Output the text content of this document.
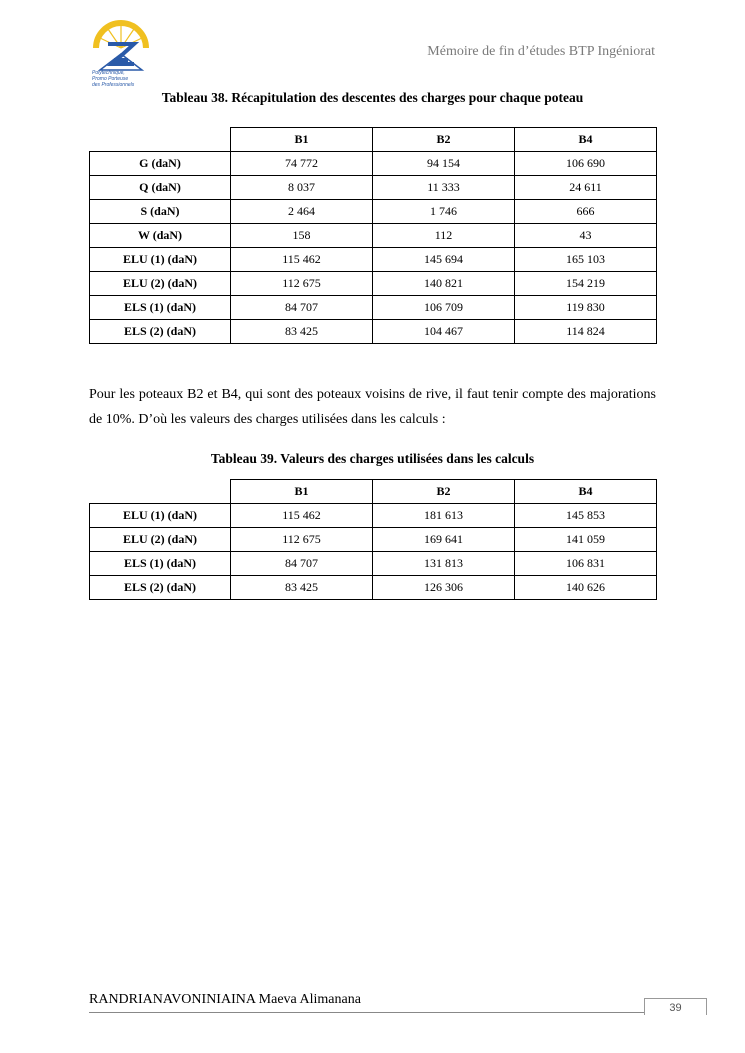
Polytechnique,
Promo Porteuse
des Professionnels
Mémoire de fin d’études BTP Ingéniorat
Tableau 38. Récapitulation des descentes des charges pour chaque poteau
	B1	B2	B4
G (daN)	74 772	94 154	106 690
Q (daN)	8 037	11 333	24 611
S (daN)	2 464	1 746	666
W (daN)	158	112	43
ELU (1) (daN)	115 462	145 694	165 103
ELU (2) (daN)	112 675	140 821	154 219
ELS (1) (daN)	84 707	106 709	119 830
ELS (2) (daN)	83 425	104 467	114 824
Pour les poteaux B2 et B4, qui sont des poteaux voisins de rive, il faut tenir compte des majorations de 10%. D’où les valeurs des charges utilisées dans les calculs :
Tableau 39. Valeurs des charges utilisées dans les calculs
	B1	B2	B4
ELU (1) (daN)	115 462	181 613	145 853
ELU (2) (daN)	112 675	169 641	141 059
ELS (1) (daN)	84 707	131 813	106 831
ELS (2) (daN)	83 425	126 306	140 626
RANDRIANAVONINIAINA Maeva Alimanana
39
